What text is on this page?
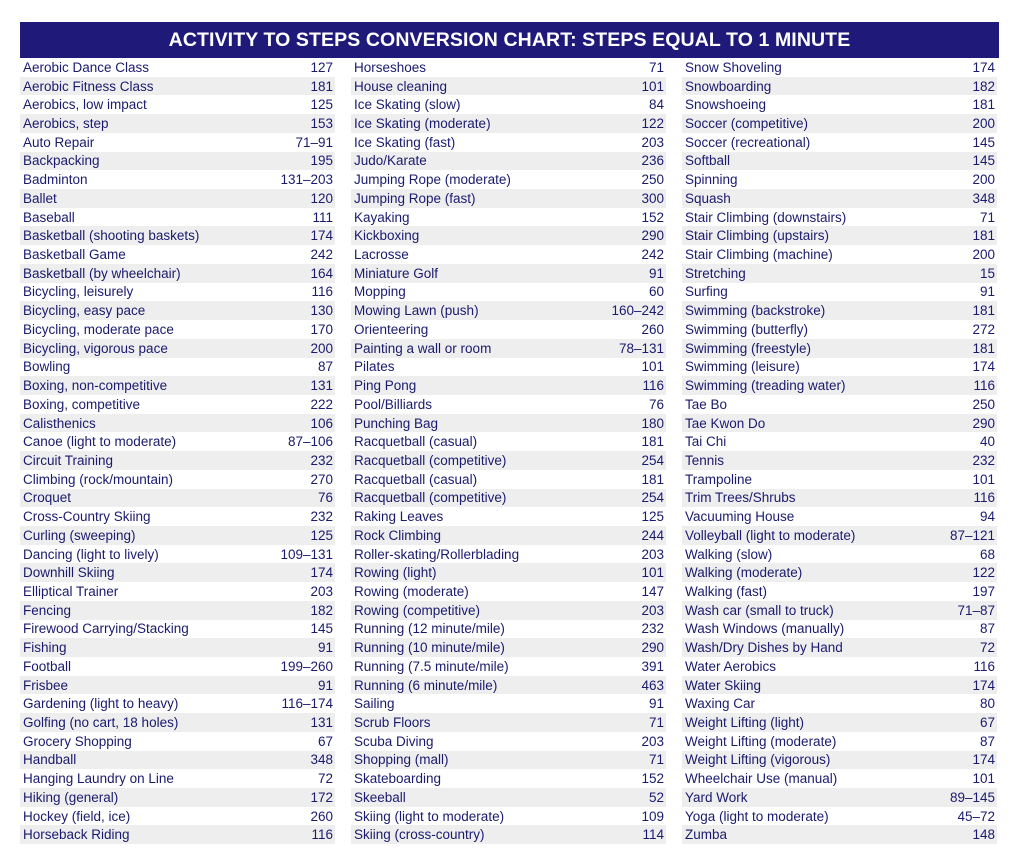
ACTIVITY TO STEPS CONVERSION CHART: STEPS EQUAL TO 1 MINUTE
Aerobic Dance Class	127
Aerobic Fitness Class	181
Aerobics, low impact	125
Aerobics, step	153
Auto Repair	71–91
Backpacking	195
Badminton	131–203
Ballet	120
Baseball	111
Basketball (shooting baskets)	174
Basketball Game	242
Basketball (by wheelchair)	164
Bicycling, leisurely	116
Bicycling, easy pace	130
Bicycling, moderate pace	170
Bicycling, vigorous pace	200
Bowling	87
Boxing, non-competitive	131
Boxing, competitive	222
Calisthenics	106
Canoe (light to moderate)	87–106
Circuit Training	232
Climbing (rock/mountain)	270
Croquet	76
Cross-Country Skiing	232
Curling (sweeping)	125
Dancing (light to lively)	109–131
Downhill Skiing	174
Elliptical Trainer	203
Fencing	182
Firewood Carrying/Stacking	145
Fishing	91
Football	199–260
Frisbee	91
Gardening (light to heavy)	116–174
Golfing (no cart, 18 holes)	131
Grocery Shopping	67
Handball	348
Hanging Laundry on Line	72
Hiking (general)	172
Hockey (field, ice)	260
Horseback Riding	116
Horseshoes	71
House cleaning	101
Ice Skating (slow)	84
Ice Skating (moderate)	122
Ice Skating (fast)	203
Judo/Karate	236
Jumping Rope (moderate)	250
Jumping Rope (fast)	300
Kayaking	152
Kickboxing	290
Lacrosse	242
Miniature Golf	91
Mopping	60
Mowing Lawn (push)	160–242
Orienteering	260
Painting a wall or room	78–131
Pilates	101
Ping Pong	116
Pool/Billiards	76
Punching Bag	180
Racquetball (casual)	181
Racquetball (competitive)	254
Racquetball (casual)	181
Racquetball (competitive)	254
Raking Leaves	125
Rock Climbing	244
Roller-skating/Rollerblading	203
Rowing (light)	101
Rowing (moderate)	147
Rowing (competitive)	203
Running (12 minute/mile)	232
Running (10 minute/mile)	290
Running (7.5 minute/mile)	391
Running (6 minute/mile)	463
Sailing	91
Scrub Floors	71
Scuba Diving	203
Shopping (mall)	71
Skateboarding	152
Skeeball	52
Skiing (light to moderate)	109
Skiing (cross-country)	114
Snow Shoveling	174
Snowboarding	182
Snowshoeing	181
Soccer (competitive)	200
Soccer (recreational)	145
Softball	145
Spinning	200
Squash	348
Stair Climbing (downstairs)	71
Stair Climbing (upstairs)	181
Stair Climbing (machine)	200
Stretching	15
Surfing	91
Swimming (backstroke)	181
Swimming (butterfly)	272
Swimming (freestyle)	181
Swimming (leisure)	174
Swimming (treading water)	116
Tae Bo	250
Tae Kwon Do	290
Tai Chi	40
Tennis	232
Trampoline	101
Trim Trees/Shrubs	116
Vacuuming House	94
Volleyball (light to moderate)	87–121
Walking (slow)	68
Walking (moderate)	122
Walking (fast)	197
Wash car (small to truck)	71–87
Wash Windows (manually)	87
Wash/Dry Dishes by Hand	72
Water Aerobics	116
Water Skiing	174
Waxing Car	80
Weight Lifting (light)	67
Weight Lifting (moderate)	87
Weight Lifting (vigorous)	174
Wheelchair Use (manual)	101
Yard Work	89–145
Yoga (light to moderate)	45–72
Zumba	148
